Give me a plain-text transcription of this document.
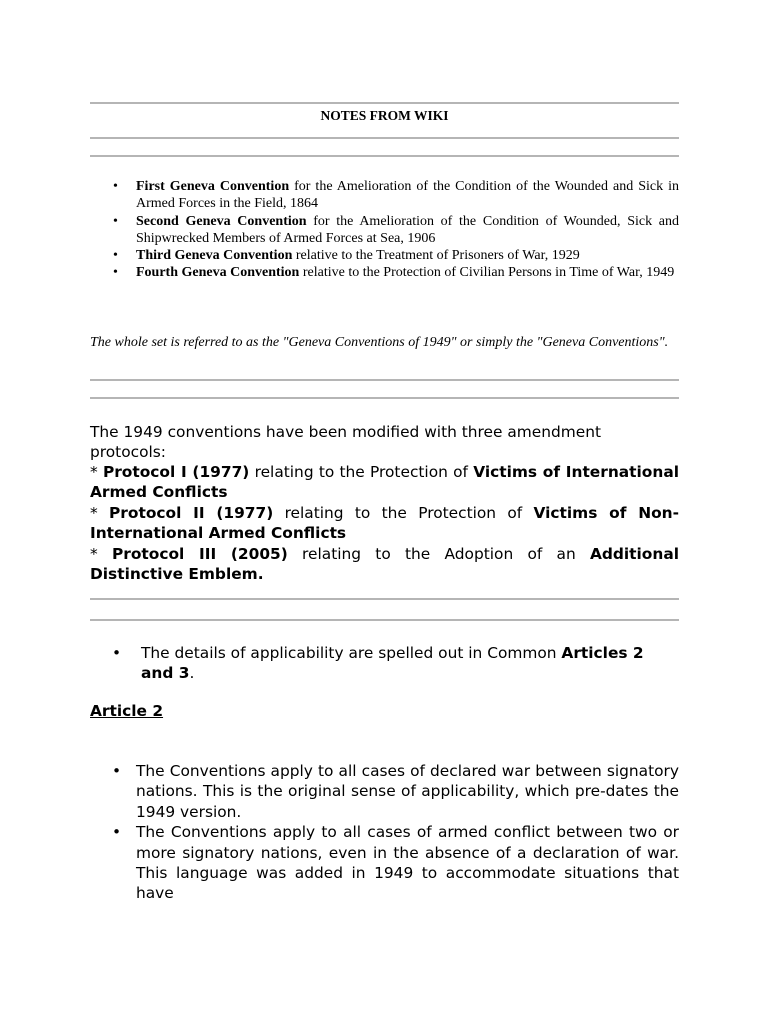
NOTES FROM WIKI
• First Geneva Convention for the Amelioration of the Condition of the Wounded and Sick in Armed Forces in the Field, 1864
• Second Geneva Convention for the Amelioration of the Condition of Wounded, Sick and Shipwrecked Members of Armed Forces at Sea, 1906
• Third Geneva Convention relative to the Treatment of Prisoners of War, 1929
• Fourth Geneva Convention relative to the Protection of Civilian Persons in Time of War, 1949
The whole set is referred to as the "Geneva Conventions of 1949" or simply the "Geneva Conventions".
The 1949 conventions have been modified with three amendment protocols:

* Protocol I (1977) relating to the Protection of Victims of International Armed Conflicts

* Protocol II (1977) relating to the Protection of Victims of Non-International Armed Conflicts

* Protocol III (2005) relating to the Adoption of an Additional Distinctive Emblem.

• The details of applicability are spelled out in Common Articles 2 and 3.
Article 2
• The Conventions apply to all cases of declared war between signatory nations. This is the original sense of applicability, which pre-dates the 1949 version.
• The Conventions apply to all cases of armed conflict between two or more signatory nations, even in the absence of a declaration of war. This language was added in 1949 to accommodate situations that have
